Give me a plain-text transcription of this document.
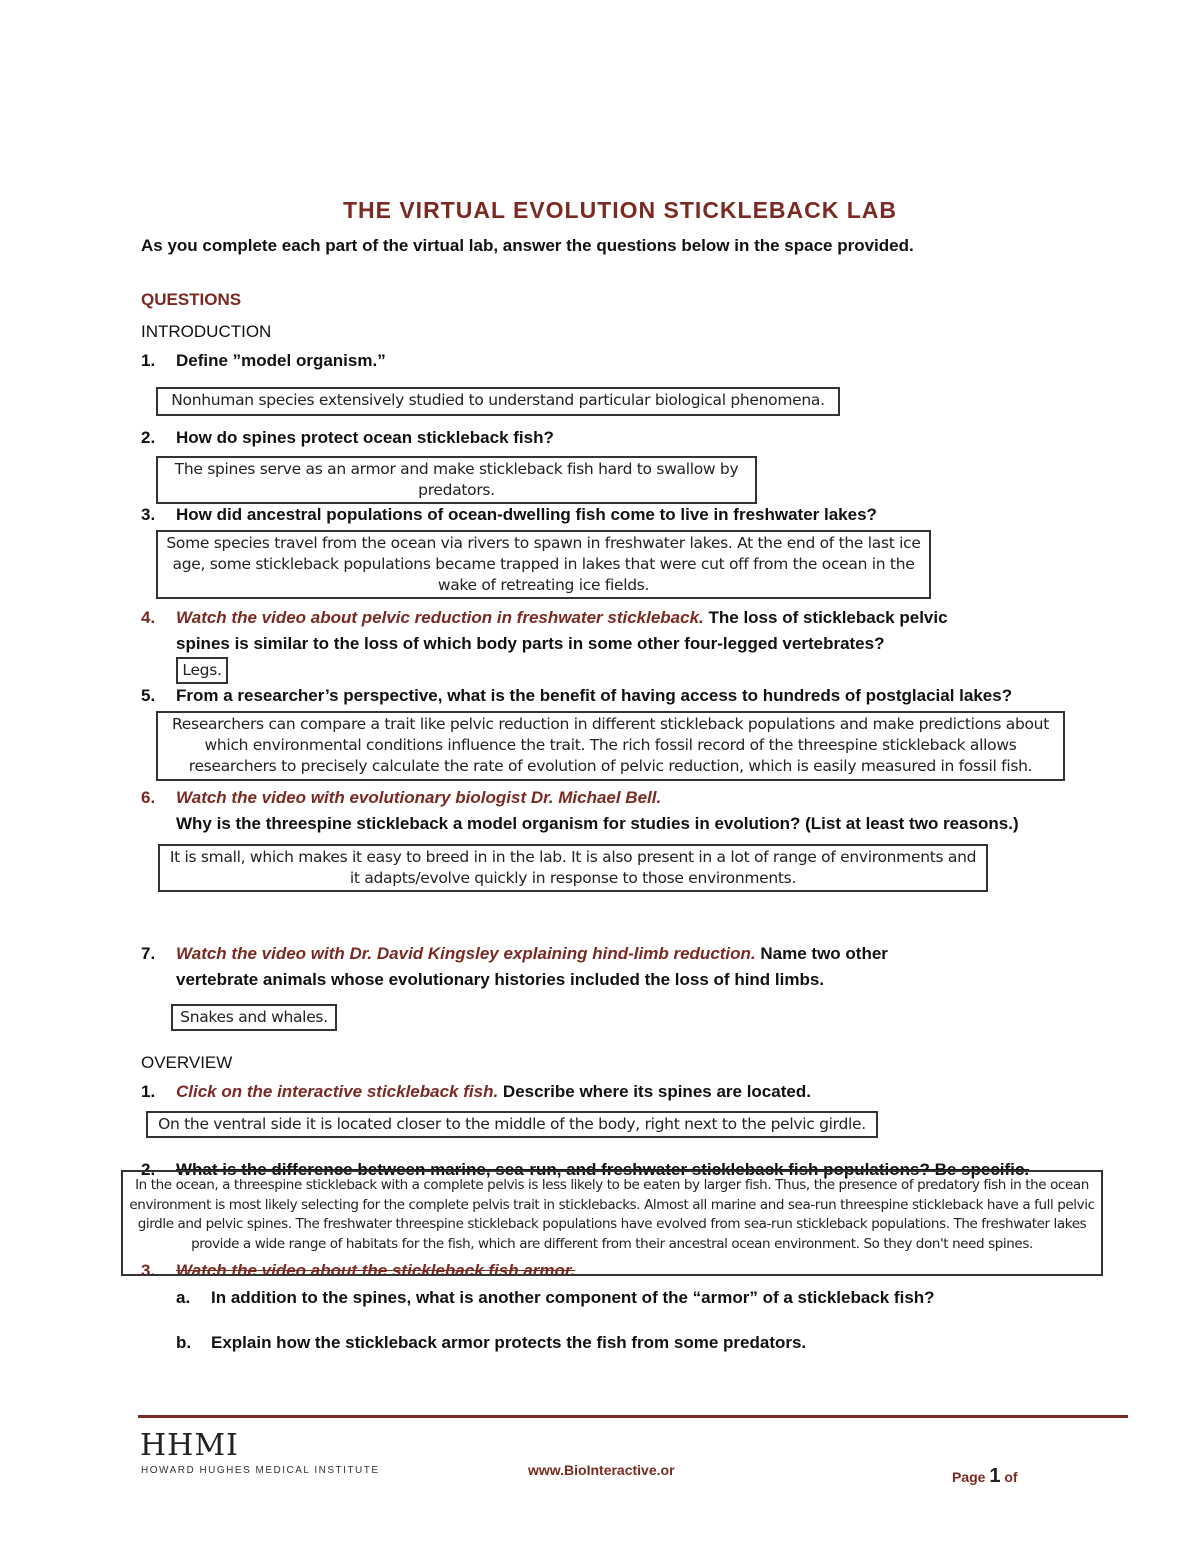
THE VIRTUAL EVOLUTION STICKLEBACK LAB
As you complete each part of the virtual lab, answer the questions below in the space provided.
QUESTIONS
INTRODUCTION
1. Define ”model organism.”
Nonhuman species extensively studied to understand particular biological phenomena.
2. How do spines protect ocean stickleback fish?
The spines serve as an armor and make stickleback fish hard to swallow by predators.
3. How did ancestral populations of ocean-dwelling fish come to live in freshwater lakes?
Some species travel from the ocean via rivers to spawn in freshwater lakes. At the end of the last ice age, some stickleback populations became trapped in lakes that were cut off from the ocean in the wake of retreating ice fields.
4. Watch the video about pelvic reduction in freshwater stickleback. The loss of stickleback pelvic
spines is similar to the loss of which body parts in some other four-legged vertebrates?
Legs.
5. From a researcher’s perspective, what is the benefit of having access to hundreds of postglacial lakes?
Researchers can compare a trait like pelvic reduction in different stickleback populations and make predictions about which environmental conditions influence the trait. The rich fossil record of the threespine stickleback allows researchers to precisely calculate the rate of evolution of pelvic reduction, which is easily measured in fossil fish.
6. Watch the video with evolutionary biologist Dr. Michael Bell.
Why is the threespine stickleback a model organism for studies in evolution? (List at least two reasons.)
It is small, which makes it easy to breed in in the lab. It is also present in a lot of range of environments and it adapts/evolve quickly in response to those environments.
7. Watch the video with Dr. David Kingsley explaining hind-limb reduction. Name two other
vertebrate animals whose evolutionary histories included the loss of hind limbs.
Snakes and whales.
OVERVIEW
1. Click on the interactive stickleback fish. Describe where its spines are located.
On the ventral side it is located closer to the middle of the body, right next to the pelvic girdle.
2. What is the difference between marine, sea-run, and freshwater stickleback fish populations? Be specific.
3. Watch the video about the stickleback fish armor.
In the ocean, a threespine stickleback with a complete pelvis is less likely to be eaten by larger fish. Thus, the presence of predatory fish in the ocean environment is most likely selecting for the complete pelvis trait in sticklebacks. Almost all marine and sea-run threespine stickleback have a full pelvic girdle and pelvic spines. The freshwater threespine stickleback populations have evolved from sea-run stickleback populations. The freshwater lakes provide a wide range of habitats for the fish, which are different from their ancestral ocean environment. So they don't need spines.
a. In addition to the spines, what is another component of the “armor” of a stickleback fish?
b. Explain how the stickleback armor protects the fish from some predators.
HHMI
HOWARD HUGHES MEDICAL INSTITUTE	www.BioInteractive.or	Page 1 of
